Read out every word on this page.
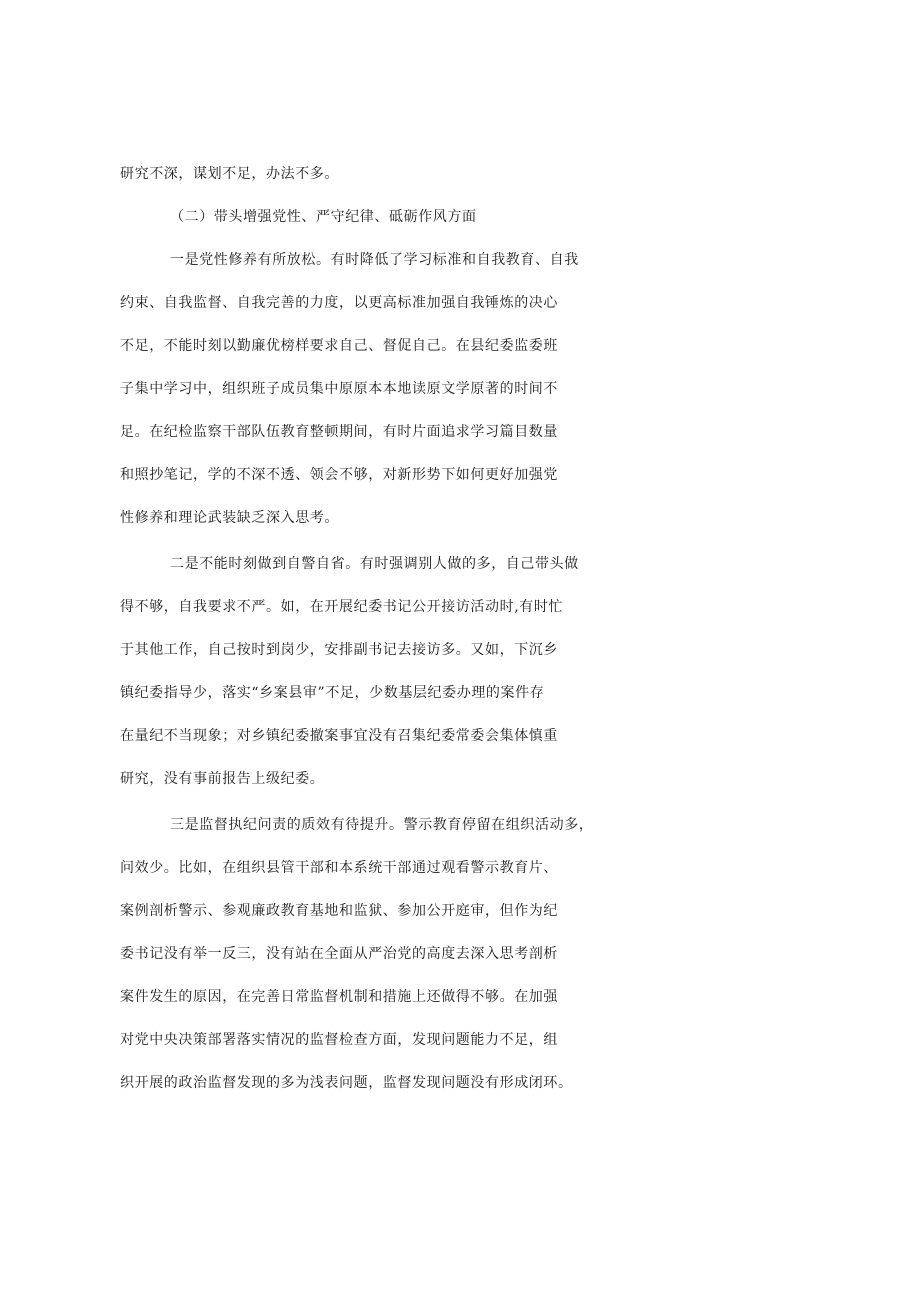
研究不深，谋划不足，办法不多。
（二）带头增强党性、严守纪律、砥砺作风方面
一是党性修养有所放松。有时降低了学习标准和自我教育、自我
约束、自我监督、自我完善的力度，以更高标准加强自我锤炼的决心
不足，不能时刻以勤廉优榜样要求自己、督促自己。在县纪委监委班
子集中学习中，组织班子成员集中原原本本地读原文学原著的时间不
足。在纪检监察干部队伍教育整顿期间，有时片面追求学习篇目数量
和照抄笔记，学的不深不透、领会不够，对新形势下如何更好加强党
性修养和理论武装缺乏深入思考。
二是不能时刻做到自警自省。有时强调别人做的多，自己带头做
得不够，自我要求不严。如，在开展纪委书记公开接访活动时,有时忙
于其他工作，自己按时到岗少，安排副书记去接访多。又如，下沉乡
镇纪委指导少，落实“乡案县审”不足，少数基层纪委办理的案件存
在量纪不当现象；对乡镇纪委撤案事宜没有召集纪委常委会集体慎重
研究，没有事前报告上级纪委。
三是监督执纪问责的质效有待提升。警示教育停留在组织活动多，
问效少。比如，在组织县管干部和本系统干部通过观看警示教育片、
案例剖析警示、参观廉政教育基地和监狱、参加公开庭审，但作为纪
委书记没有举一反三，没有站在全面从严治党的高度去深入思考剖析
案件发生的原因，在完善日常监督机制和措施上还做得不够。在加强
对党中央决策部署落实情况的监督检查方面，发现问题能力不足，组
织开展的政治监督发现的多为浅表问题，监督发现问题没有形成闭环。
